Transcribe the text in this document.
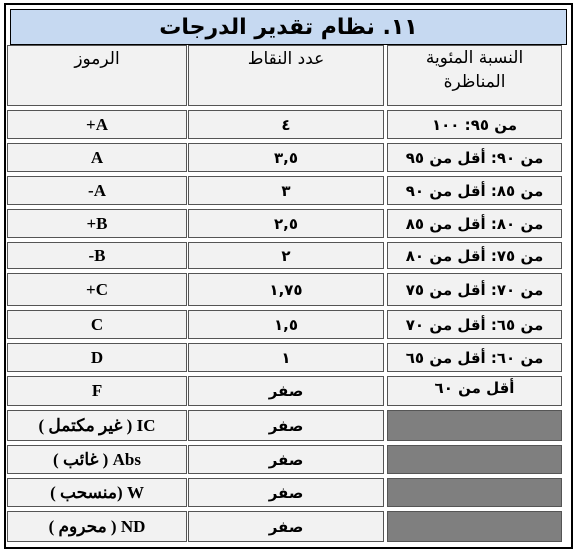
١١. نظام تقدير الدرجات
النسبة المئوية
المناظرة
عدد النقاط
الرموز
من ٩٥: ١٠٠
٤
A+
من ٩٠: أقل من ٩٥
٣,٥
A
من ٨٥: أقل من ٩٠
٣
A-
من ٨٠: أقل من ٨٥
٢,٥
B+
من ٧٥: أقل من ٨٠
٢
B-
من ٧٠: أقل من ٧٥
١,٧٥
C+
من ٦٥: أقل من ٧٠
١,٥
C
من ٦٠: أقل من ٦٥
١
D
أقل من ٦٠
صفر
F
صفر
IC ( غير مكتمل )
صفر
Abs ( غائب )
صفر
W (منسحب )
صفر
ND ( محروم )
